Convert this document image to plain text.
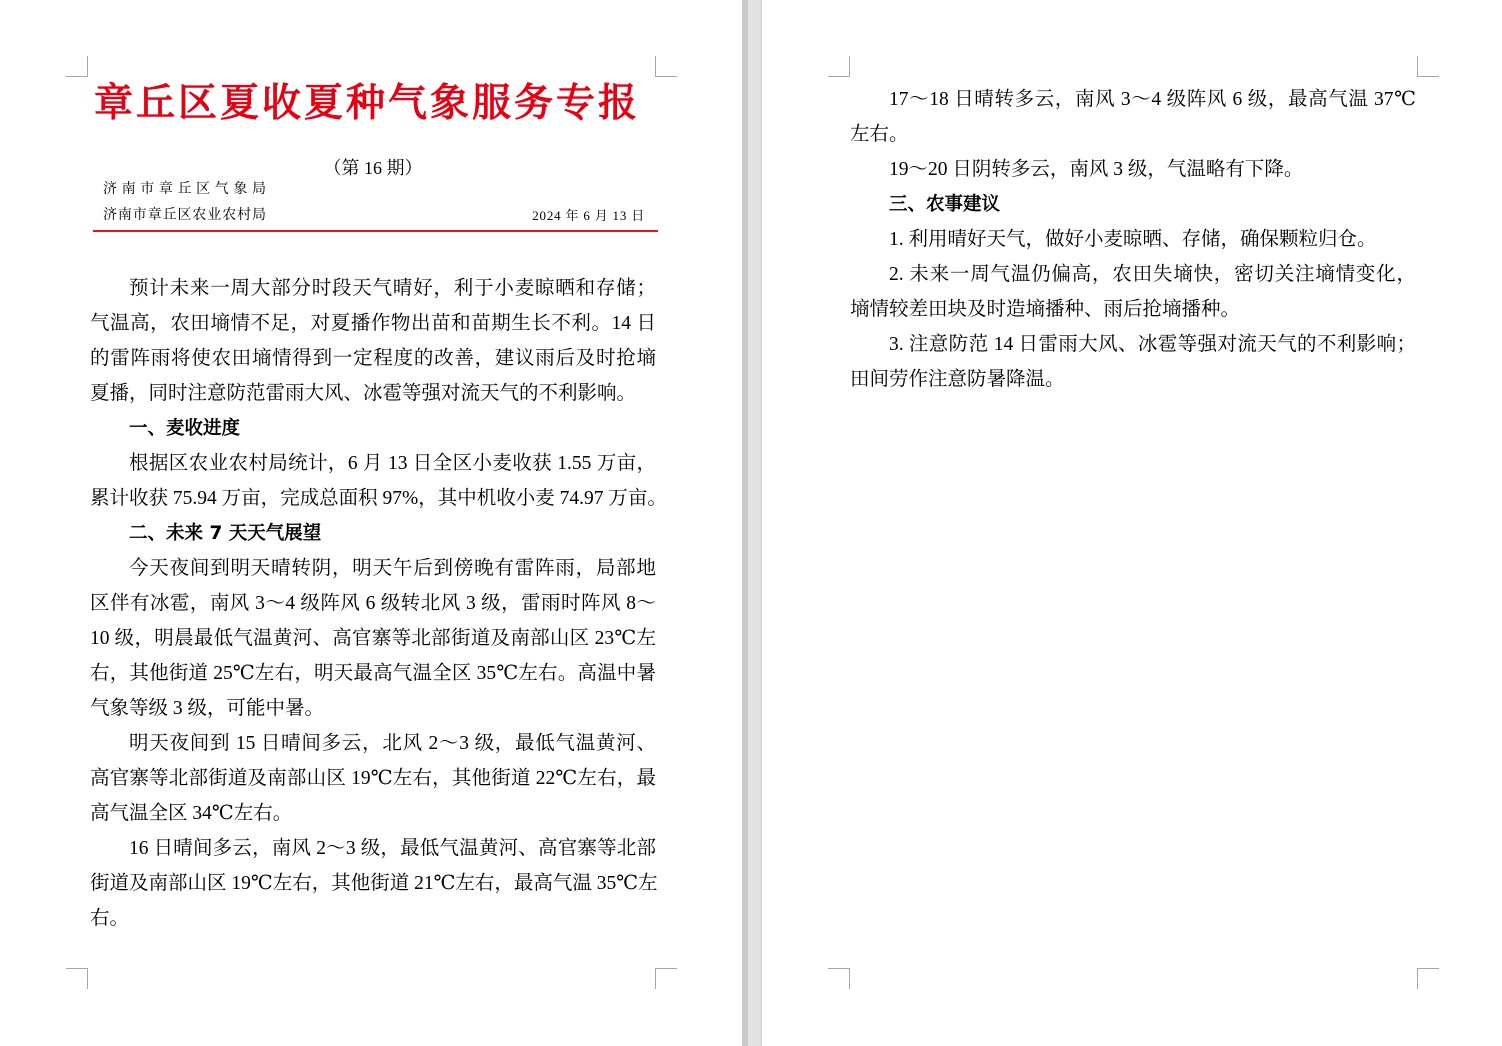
章丘区夏收夏种气象服务专报
（第 16 期）
济南市章丘区气象局
济南市章丘区农业农村局	2024 年 6 月 13 日
预计未来一周大部分时段天气晴好，利于小麦晾晒和存储；
气温高，农田墒情不足，对夏播作物出苗和苗期生长不利。14 日
的雷阵雨将使农田墒情得到一定程度的改善，建议雨后及时抢墒
夏播，同时注意防范雷雨大风、冰雹等强对流天气的不利影响。
一、麦收进度
根据区农业农村局统计，6 月 13 日全区小麦收获 1.55 万亩，
累计收获 75.94 万亩，完成总面积 97%，其中机收小麦 74.97 万亩。
二、未来 7 天天气展望
今天夜间到明天晴转阴，明天午后到傍晚有雷阵雨，局部地
区伴有冰雹，南风 3～4 级阵风 6 级转北风 3 级，雷雨时阵风 8～
10 级，明晨最低气温黄河、高官寨等北部街道及南部山区 23℃左
右，其他街道 25℃左右，明天最高气温全区 35℃左右。高温中暑
气象等级 3 级，可能中暑。
明天夜间到 15 日晴间多云，北风 2～3 级，最低气温黄河、
高官寨等北部街道及南部山区 19℃左右，其他街道 22℃左右，最
高气温全区 34℃左右。
16 日晴间多云，南风 2～3 级，最低气温黄河、高官寨等北部
街道及南部山区 19℃左右，其他街道 21℃左右，最高气温 35℃左
右。
17～18 日晴转多云，南风 3～4 级阵风 6 级，最高气温 37℃
左右。
19～20 日阴转多云，南风 3 级，气温略有下降。
三、农事建议
1. 利用晴好天气，做好小麦晾晒、存储，确保颗粒归仓。
2. 未来一周气温仍偏高，农田失墒快，密切关注墒情变化，
墒情较差田块及时造墒播种、雨后抢墒播种。
3. 注意防范 14 日雷雨大风、冰雹等强对流天气的不利影响；
田间劳作注意防暑降温。
